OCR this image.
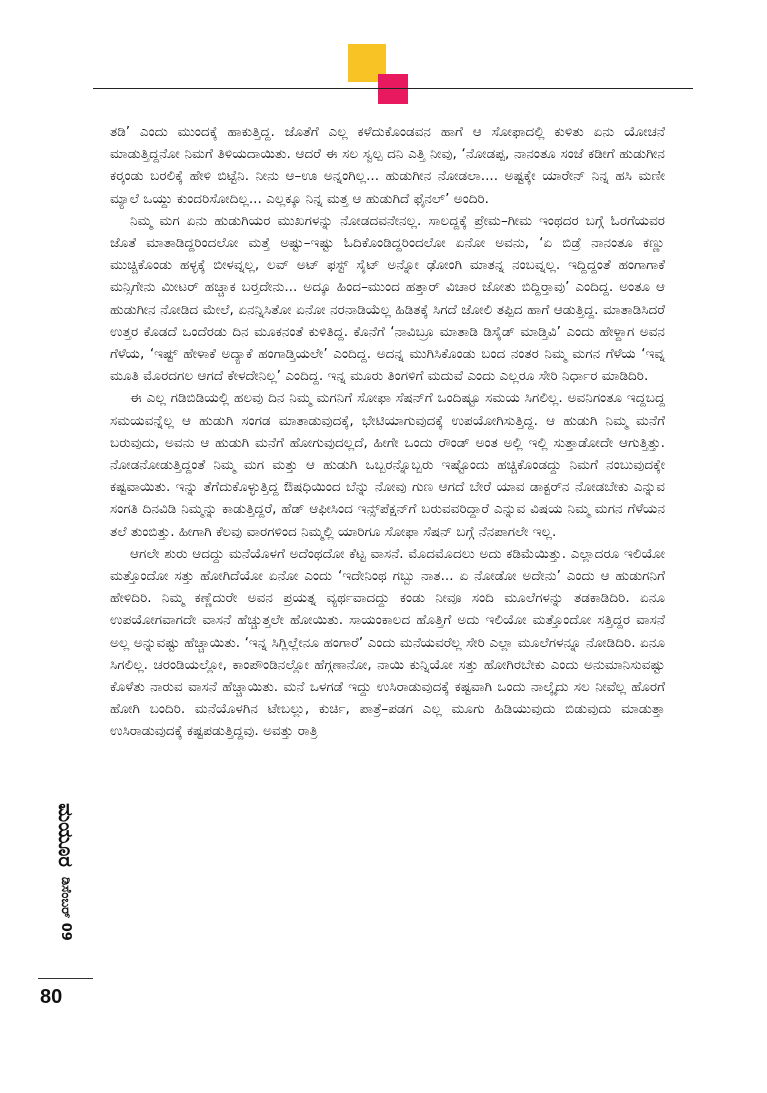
ತಡಿ’ ಎಂದು ಮುಂದಕ್ಕೆ ಹಾಕುತ್ತಿದ್ದ. ಜೊತೆಗೆ ಎಲ್ಲ ಕಳೆದುಕೊಂಡವನ ಹಾಗೆ ಆ ಸೋಫಾದಲ್ಲಿ ಕುಳಿತು ಏನು ಯೋಚನೆ ಮಾಡುತ್ತಿದ್ದನೋ ನಿಮಗೆ ತಿಳಿಯದಾಯಿತು. ಆದರೆ ಈ ಸಲ ಸ್ವಲ್ಪ ದನಿ ಎತ್ತಿ ನೀವು, ‘ನೋಡಪ್ಪ, ನಾನಂತೂ ಸಂಜೆ ಕಡೀಗೆ ಹುಡುಗೀನ ಕರ್‍ಕಂಡು ಬರಲಿಕ್ಕೆ ಹೇಳಿ ಬಿಟ್ಟೆನಿ. ನೀನು ಆ–ಊ ಅನ್ನಂಗಿಲ್ಲ... ಹುಡುಗೀನ ನೋಡಲಾ.... ಅಷ್ಟಕ್ಕೇ ಯಾರೇನ್ ನಿನ್ನ ಹಸಿ ಮಣೀ ಮ್ಯಾಲೆ ಒಯ್ದು ಕುಂದರಿಸೋದಿಲ್ಲ... ಎಲ್ಲಕ್ಕೂ ನಿನ್ನ ಮತ್ತ ಆ ಹುಡುಗಿದೆ ಫೈನಲ್’ ಅಂದಿರಿ.

ನಿಮ್ಮ ಮಗ ಏನು ಹುಡುಗಿಯರ ಮುಖಗಳನ್ನು ನೋಡದವನೇನಲ್ಲ. ಸಾಲದ್ದಕ್ಕೆ ಪ್ರೇಮ–ಗೀಮ ಇಂಥದರ ಬಗ್ಗೆ ಓರಗೆಯವರ ಜೊತೆ ಮಾತಾಡಿದ್ದರಿಂದಲೋ ಮತ್ತೆ ಅಷ್ಟು–ಇಷ್ಟು ಓದಿಕೊಂಡಿದ್ದರಿಂದಲೋ ಏನೋ ಅವನು, ‘ಏ ಬಿಡ್ರೆ ನಾನಂತೂ ಕಣ್ಣು ಮುಚ್ಚಿಕೊಂಡು ಹಳ್ಳಕ್ಕೆ ಬೀಳವ್ನಲ್ಲ, ಲವ್ ಅಟ್ ಫಸ್ಟ್ ಸೈಟ್ ಅನ್ನೋ ಢೋಂಗಿ ಮಾತನ್ನ ನಂಬವ್ನಲ್ಲ. ಇದ್ದಿದ್ದಂತೆ ಹಂಗಾಗಾಕೆ ಮನ್ಸಿಗೇನು ಮೀಟರ್ ಹಚ್ಚಾಕ ಬರ್‍ತದೇನು... ಅದ್ಕೂ ಹಿಂದ–ಮುಂದ ಹತ್ತಾರ್ ವಿಚಾರ ಜೋತು ಬಿದ್ದಿರ್‍ತಾವು’ ಎಂದಿದ್ದ. ಅಂತೂ ಆ ಹುಡುಗೀನ ನೋಡಿದ ಮೇಲೆ, ಏನನ್ನಿಸಿತೋ ಏನೋ ನರನಾಡಿಯೆಲ್ಲ ಹಿಡಿತಕ್ಕೆ ಸಿಗದೆ ಜೋಲಿ ತಪ್ಪಿದ ಹಾಗೆ ಆಡುತ್ತಿದ್ದ. ಮಾತಾಡಿಸಿದರೆ ಉತ್ತರ ಕೊಡದೆ ಒಂದೆರಡು ದಿನ ಮೂಕನಂತೆ ಕುಳಿತಿದ್ದ. ಕೊನೆಗೆ ‘ನಾವಿಬ್ರೂ ಮಾತಾಡಿ ಡಿಸೈಡ್ ಮಾಡ್ತಿವಿ’ ಎಂದು ಹೇಳ್ದಾಗ ಅವನ ಗೆಳೆಯ, ‘ಇಷ್ಟ್ ಹೇಳಾಕೆ ಅದ್ಯಾಕೆ ಹಂಗಾಡ್ತಿಯಲೇ’ ಎಂದಿದ್ದ. ಅದನ್ನ ಮುಗಿಸಿಕೊಂಡು ಬಂದ ನಂತರ ನಿಮ್ಮ ಮಗನ ಗೆಳೆಯ ‘ಇವ್ನ ಮೂತಿ ಮೊರದಗಲ ಆಗದೆ ಕೇಳದೇನಿಲ್ಲ’ ಎಂದಿದ್ದ. ಇನ್ನ ಮೂರು ತಿಂಗಳಿಗೆ ಮದುವೆ ಎಂದು ಎಲ್ಲರೂ ಸೇರಿ ನಿರ್ಧಾರ ಮಾಡಿದಿರಿ.

ಈ ಎಲ್ಲ ಗಡಿಬಿಡಿಯಲ್ಲಿ ಹಲವು ದಿನ ನಿಮ್ಮ ಮಗನಿಗೆ ಸೋಫಾ ಸೆಷನ್‌ಗೆ ಒಂದಿಷ್ಟೂ ಸಮಯ ಸಿಗಲಿಲ್ಲ. ಅವನಿಗಂತೂ ಇದ್ದಬದ್ದ ಸಮಯವನ್ನೆಲ್ಲ ಆ ಹುಡುಗಿ ಸಂಗಡ ಮಾತಾಡುವುದಕ್ಕೆ, ಭೇಟಿಯಾಗುವುದಕ್ಕೆ ಉಪಯೋಗಿಸುತ್ತಿದ್ದ. ಆ ಹುಡುಗಿ ನಿಮ್ಮ ಮನೆಗೆ ಬರುವುದು, ಅವನು ಆ ಹುಡುಗಿ ಮನೆಗೆ ಹೋಗುವುದಲ್ಲದೆ, ಹೀಗೇ ಒಂದು ರೌಂಡ್ ಅಂತ ಅಲ್ಲಿ ಇಲ್ಲಿ ಸುತ್ತಾಡೋದೇ ಆಗುತ್ತಿತ್ತು. ನೋಡನೋಡುತ್ತಿದ್ದಂತೆ ನಿಮ್ಮ ಮಗ ಮತ್ತು ಆ ಹುಡುಗಿ ಒಬ್ಬರನ್ನೊಬ್ಬರು ಇಷ್ಟೊಂದು ಹಚ್ಚಿಕೊಂಡದ್ದು ನಿಮಗೆ ನಂಬುವುದಕ್ಕೇ ಕಷ್ಟವಾಯಿತು. ಇನ್ನು ತೆಗೆದುಕೊಳ್ಳುತ್ತಿದ್ದ ಔಷಧಿಯಿಂದ ಬೆನ್ನು ನೋವು ಗುಣ ಆಗದೆ ಬೇರೆ ಯಾವ ಡಾಕ್ಟರ್‌ನ ನೋಡಬೇಕು ಎನ್ನುವ ಸಂಗತಿ ದಿನವಿಡಿ ನಿಮ್ಮನ್ನು ಕಾಡುತ್ತಿದ್ದರೆ, ಹೆಡ್ ಆಫೀಸಿಂದ ಇನ್ಸ್‌ಪೆಕ್ಷನ್‌ಗೆ ಬರುವವರಿದ್ದಾರೆ ಎನ್ನುವ ವಿಷಯ ನಿಮ್ಮ ಮಗನ ಗೆಳೆಯನ ತಲೆ ತುಂಬಿತ್ತು. ಹೀಗಾಗಿ ಕೆಲವು ವಾರಗಳಿಂದ ನಿಮ್ಮಲ್ಲಿ ಯಾರಿಗೂ ಸೋಫಾ ಸೆಷನ್ ಬಗ್ಗೆ ನೆನಪಾಗಲೇ ಇಲ್ಲ.

ಆಗಲೇ ಶುರು ಆದದ್ದು ಮನೆಯೊಳಗೆ ಅದೆಂಥದೋ ಕೆಟ್ಟ ವಾಸನೆ. ಮೊದಮೊದಲು ಅದು ಕಡಿಮೆಯಿತ್ತು. ಎಲ್ಲಾದರೂ ಇಲಿಯೋ ಮತ್ತೊಂದೋ ಸತ್ತು ಹೋಗಿದೆಯೋ ಏನೋ ಎಂದು ‘ಇದೇನಿಂಥ ಗಬ್ಬು ನಾತ... ಏ ನೋಡೋ ಅದೇನು’ ಎಂದು ಆ ಹುಡುಗನಿಗೆ ಹೇಳಿದಿರಿ. ನಿಮ್ಮ ಕಣ್ಣೆದುರೇ ಅವನ ಪ್ರಯತ್ನ ವ್ಯರ್ಥವಾದದ್ದು ಕಂಡು ನೀವೂ ಸಂದಿ ಮೂಲೆಗಳನ್ನು ತಡಕಾಡಿದಿರಿ. ಏನೂ ಉಪಯೋಗವಾಗದೇ ವಾಸನೆ ಹೆಚ್ಚುತ್ತಲೇ ಹೋಯಿತು. ಸಾಯಂಕಾಲದ ಹೊತ್ತಿಗೆ ಅದು ಇಲಿಯೋ ಮತ್ತೊಂದೋ ಸತ್ತಿದ್ದರ ವಾಸನೆ ಅಲ್ಲ ಅನ್ನುವಷ್ಟು ಹೆಚ್ಚಾಯಿತು. ‘ಇನ್ನ ಸಿಗ್ಲಿಲ್ಲೇನೂ ಹಂಗಾರೆ’ ಎಂದು ಮನೆಯವರೆಲ್ಲ ಸೇರಿ ಎಲ್ಲಾ ಮೂಲೆಗಳನ್ನೂ ನೋಡಿದಿರಿ. ಏನೂ ಸಿಗಲಿಲ್ಲ. ಚರಂಡಿಯಲ್ಲೋ, ಕಾಂಪೌಂಡಿನಲ್ಲೋ ಹೆಗ್ಗಣಾನೋ, ನಾಯಿ ಕುನ್ನಿಯೋ ಸತ್ತು ಹೋಗಿರಬೇಕು ಎಂದು ಅನುಮಾನಿಸುವಷ್ಟು ಕೊಳೆತು ನಾರುವ ವಾಸನೆ ಹೆಚ್ಚಾಯಿತು. ಮನೆ ಒಳಗಡೆ ಇದ್ದು ಉಸಿರಾಡುವುದಕ್ಕೆ ಕಷ್ಟವಾಗಿ ಒಂದು ನಾಲ್ಕೈದು ಸಲ ನೀವೆಲ್ಲ ಹೊರಗೆ ಹೋಗಿ ಬಂದಿರಿ. ಮನೆಯೊಳಗಿನ ಟೇಬಲ್ಲು, ಕುರ್ಚಿ, ಪಾತ್ರೆ–ಪಡಗ ಎಲ್ಲ ಮೂಗು ಹಿಡಿಯುವುದು ಬಿಡುವುದು ಮಾಡುತ್ತಾ ಉಸಿರಾಡುವುದಕ್ಕೆ ಕಷ್ಟಪಡುತ್ತಿದ್ದವು. ಅವತ್ತು ರಾತ್ರಿ

ಮಯೂರ
ಡಿಸೆಂಬರ್ 09
80
